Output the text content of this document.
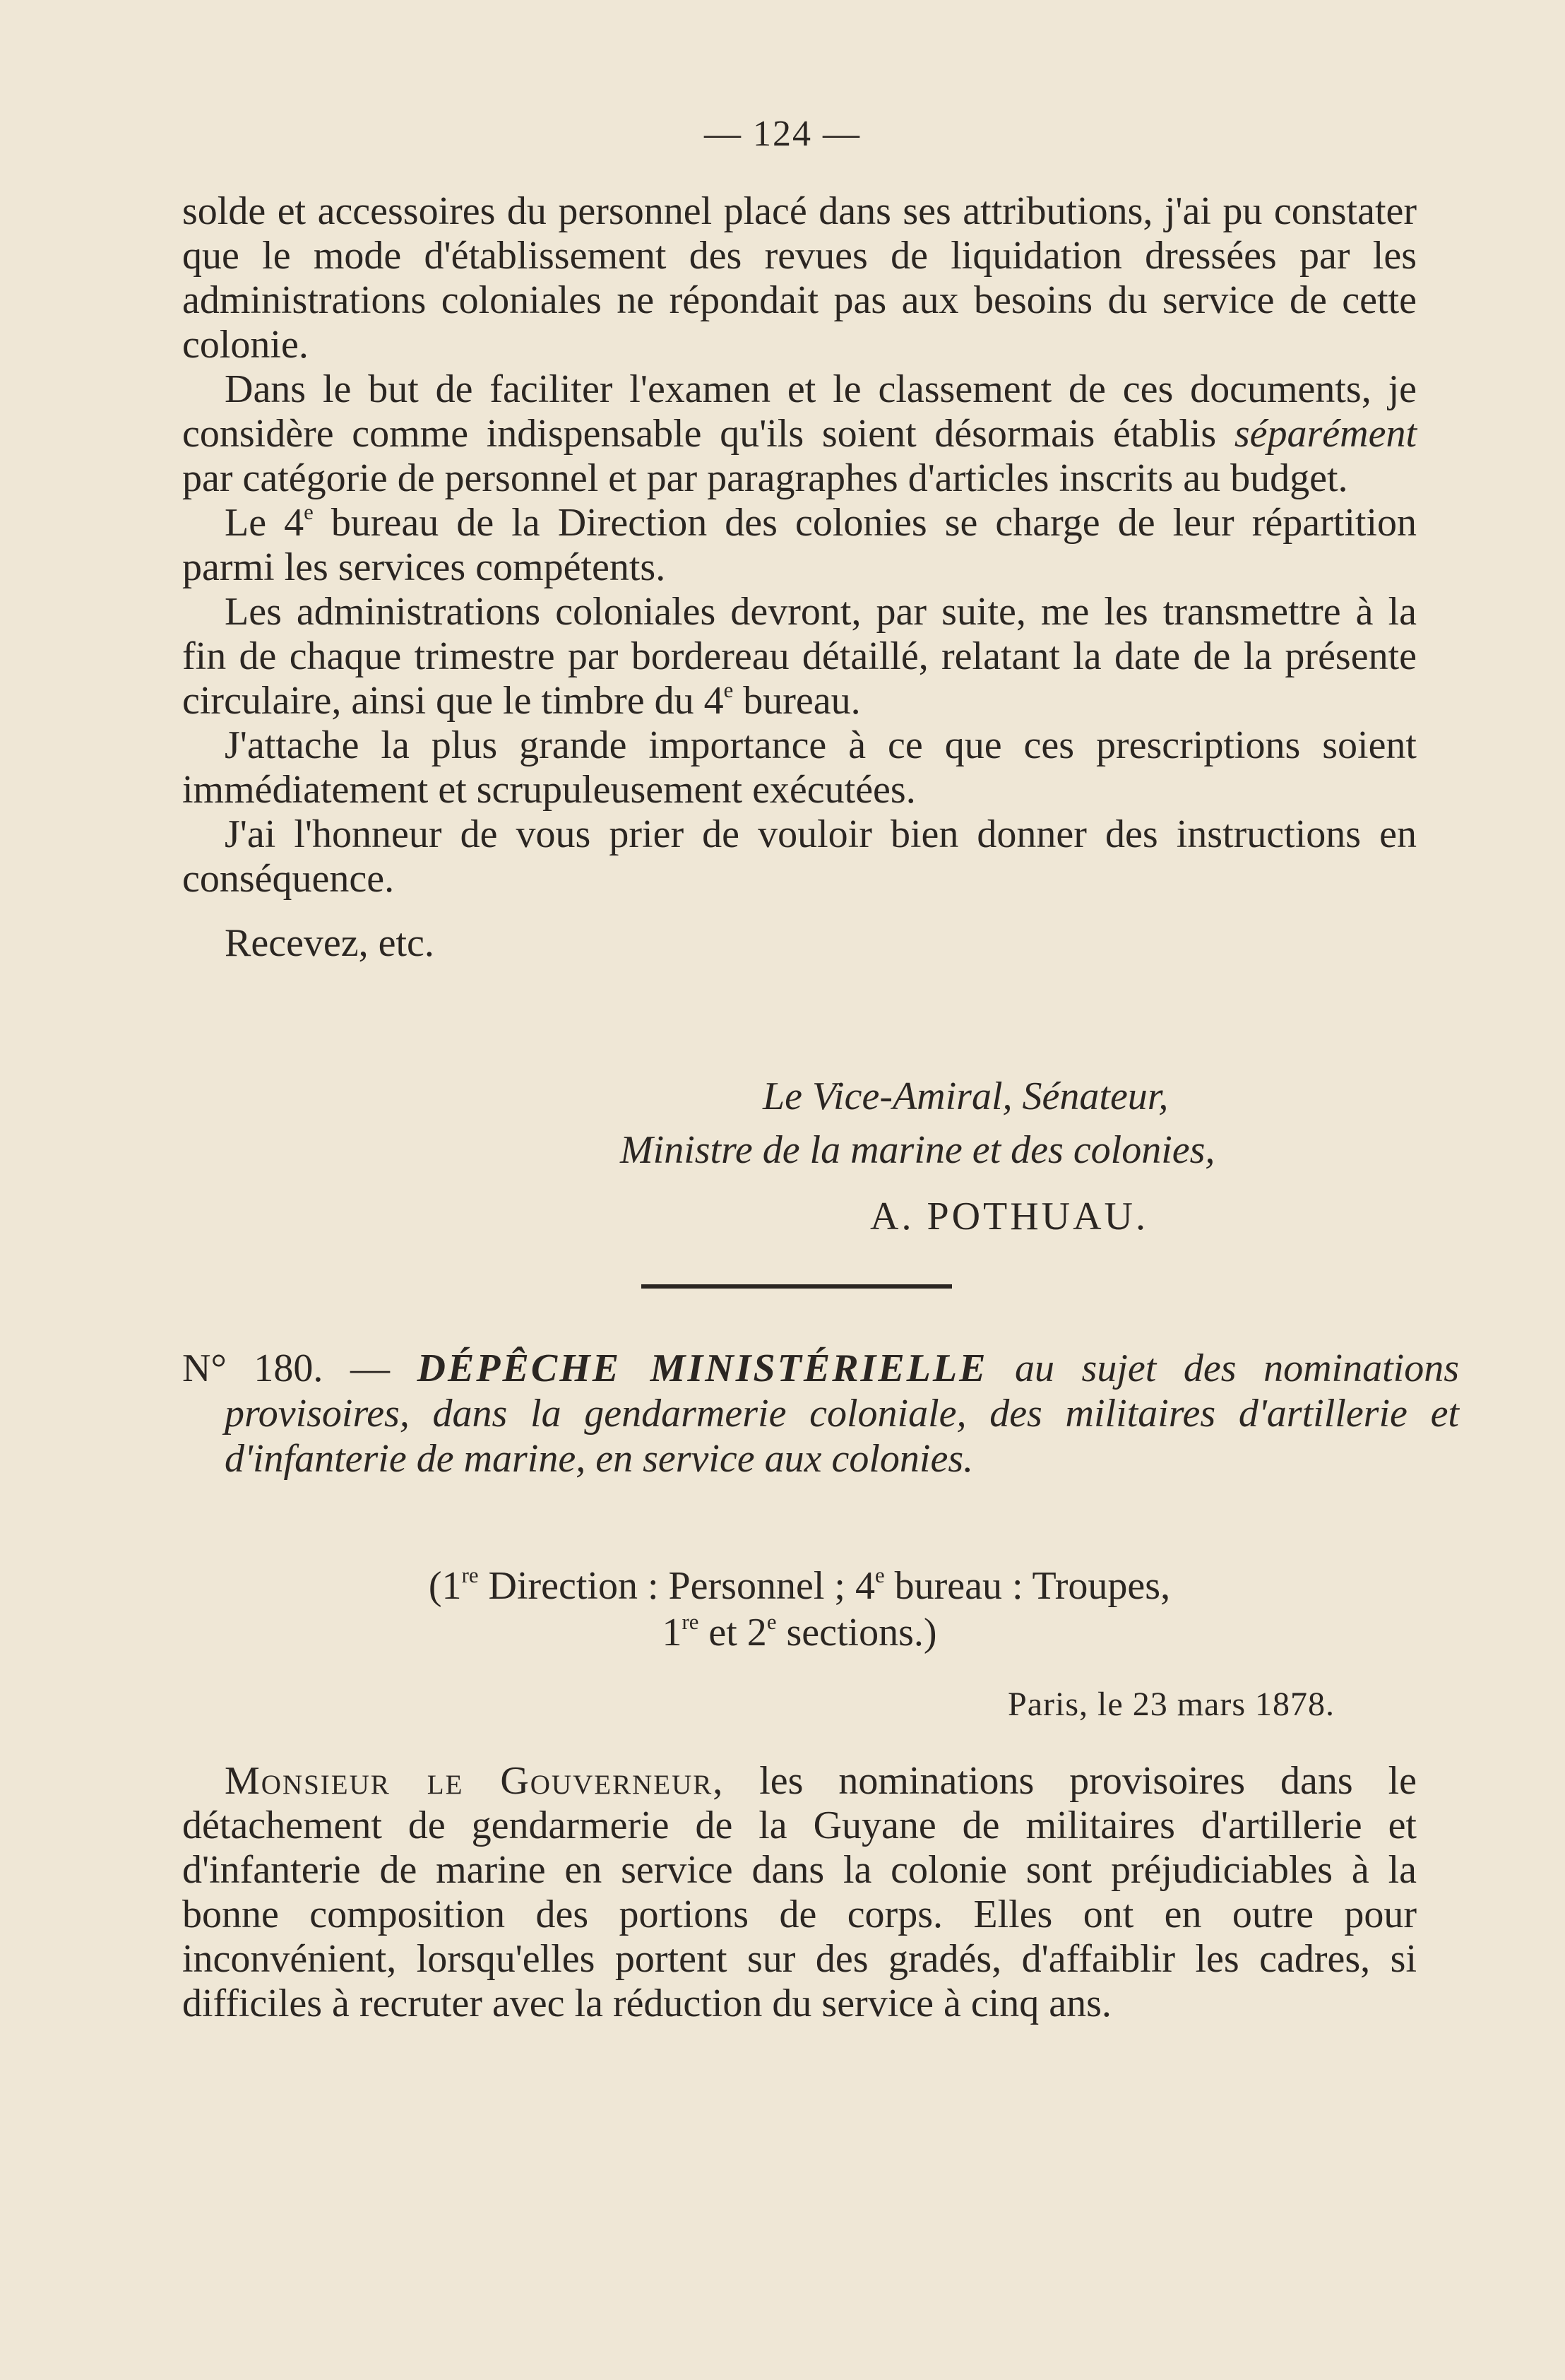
— 124 —

solde et accessoires du personnel placé dans ses attributions, j'ai pu constater que le mode d'établissement des revues de liquidation dressées par les administrations coloniales ne répondait pas aux besoins du service de cette colonie.

Dans le but de faciliter l'examen et le classement de ces documents, je considère comme indispensable qu'ils soient désormais établis séparément par catégorie de personnel et par paragraphes d'articles inscrits au budget.

Le 4e bureau de la Direction des colonies se charge de leur répartition parmi les services compétents.

Les administrations coloniales devront, par suite, me les transmettre à la fin de chaque trimestre par bordereau détaillé, relatant la date de la présente circulaire, ainsi que le timbre du 4e bureau.

J'attache la plus grande importance à ce que ces prescriptions soient immédiatement et scrupuleusement exécutées.

J'ai l'honneur de vous prier de vouloir bien donner des instructions en conséquence.

Recevez, etc.

Le Vice-Amiral, Sénateur,
Ministre de la marine et des colonies,
A. POTHUAU.
N° 180. — DÉPÊCHE MINISTÉRIELLE au sujet des nominations provisoires, dans la gendarmerie coloniale, des militaires d'artillerie et d'infanterie de marine, en service aux colonies.
(1re Direction : Personnel ; 4e bureau : Troupes,
1re et 2e sections.)
Paris, le 23 mars 1878.

Monsieur le Gouverneur, les nominations provisoires dans le détachement de gendarmerie de la Guyane de militaires d'artillerie et d'infanterie de marine en service dans la colonie sont préjudiciables à la bonne composition des portions de corps. Elles ont en outre pour inconvénient, lorsqu'elles portent sur des gradés, d'affaiblir les cadres, si difficiles à recruter avec la réduction du service à cinq ans.
